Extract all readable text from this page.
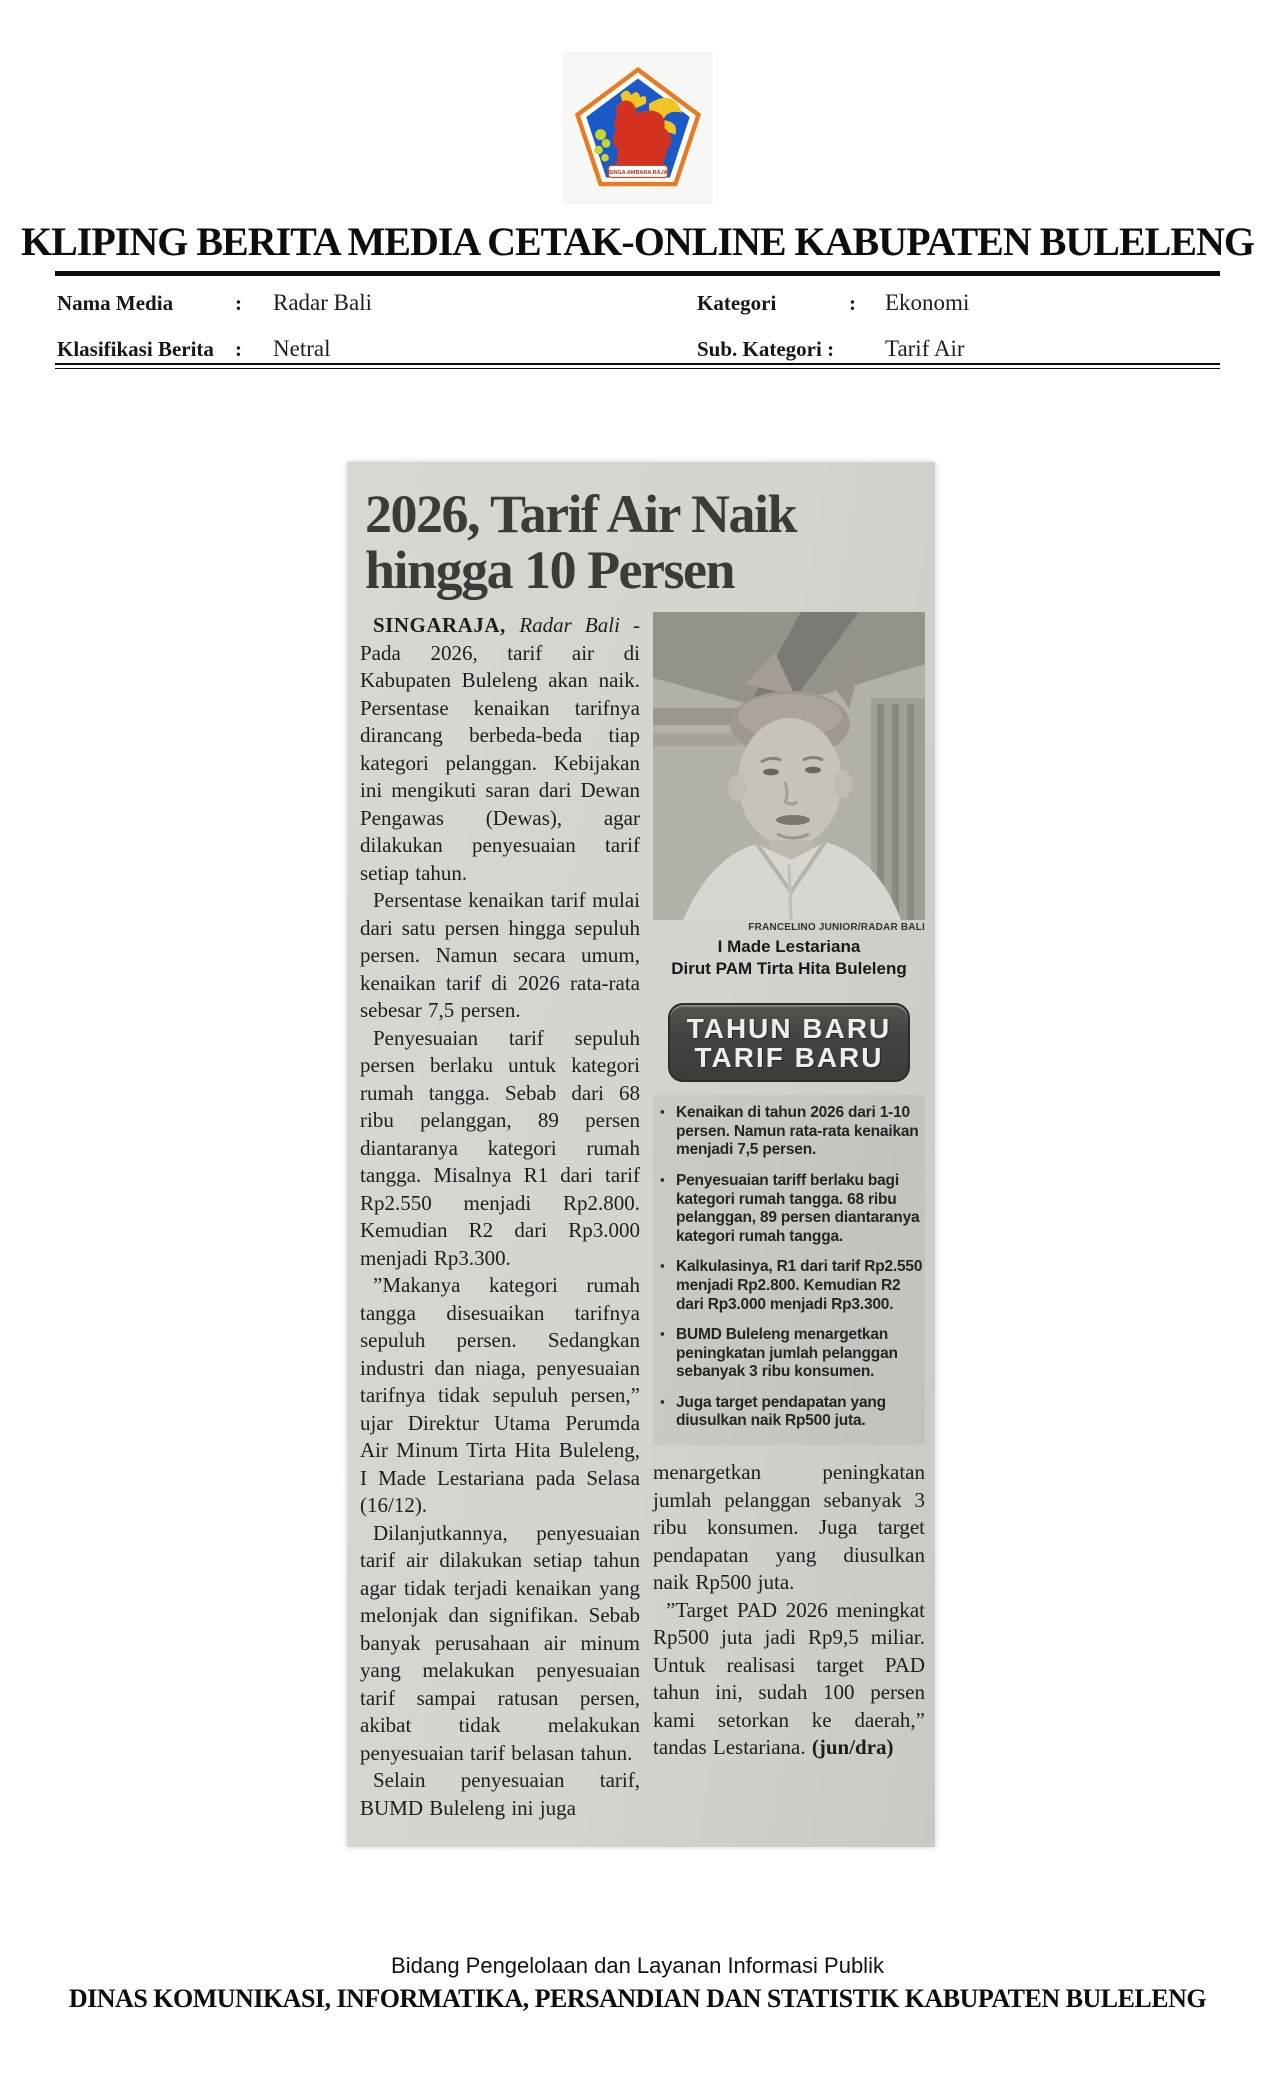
SINGA AMBARA RAJA
KLIPING BERITA MEDIA CETAK-ONLINE KABUPATEN BULELENG
Nama Media	:	Radar Bali	Kategori	:	Ekonomi
Klasifikasi Berita	:	Netral	Sub. Kategori :	Tarif Air
2026, Tarif Air Naik
hingga 10 Persen

SINGARAJA, Radar Bali - Pada 2026, tarif air di Kabupaten Buleleng akan naik. Persentase kenaikan tarifnya dirancang berbeda-beda tiap kategori pelanggan. Kebijakan ini mengikuti saran dari Dewan Pengawas (Dewas), agar dilakukan penyesuaian tarif setiap tahun.

Persentase kenaikan tarif mulai dari satu persen hingga sepuluh persen. Namun secara umum, kenaikan tarif di 2026 rata-rata sebesar 7,5 persen.

Penyesuaian tarif sepuluh persen berlaku untuk kategori rumah tangga. Sebab dari 68 ribu pelanggan, 89 persen diantaranya kategori rumah tangga. Misalnya R1 dari tarif Rp2.550 menjadi Rp2.800. Kemudian R2 dari Rp3.000 menjadi Rp3.300.

”Makanya kategori rumah tangga disesuaikan tarifnya sepuluh persen. Sedangkan industri dan niaga, penyesuaian tarifnya tidak sepuluh persen,” ujar Direktur Utama Perumda Air Minum Tirta Hita Buleleng, I Made Lestariana pada Selasa (16/12).

Dilanjutkannya, penyesuaian tarif air dilakukan setiap tahun agar tidak terjadi kenaikan yang melonjak dan signifikan. Sebab banyak perusahaan air minum yang melakukan penyesuaian tarif sampai ratusan persen, akibat tidak melakukan penyesuaian tarif belasan tahun.

Selain penyesuaian tarif, BUMD Buleleng ini juga

FRANCELINO JUNIOR/RADAR BALI
I Made Lestariana
Dirut PAM Tirta Hita Buleleng
TAHUN BARU
TARIF BARU
▪ Kenaikan di tahun 2026 dari 1-10 persen. Namun rata-rata kenaikan menjadi 7,5 persen.
▪ Penyesuaian tariff berlaku bagi kategori rumah tangga. 68 ribu pelanggan, 89 persen diantaranya kategori rumah tangga.
▪ Kalkulasinya, R1 dari tarif Rp2.550 menjadi Rp2.800. Kemudian R2 dari Rp3.000 menjadi Rp3.300.
▪ BUMD Buleleng menargetkan peningkatan jumlah pelanggan sebanyak 3 ribu konsumen.
▪ Juga target pendapatan yang diusulkan naik Rp500 juta.

menargetkan peningkatan jumlah pelanggan sebanyak 3 ribu konsumen. Juga target pendapatan yang diusulkan naik Rp500 juta.

”Target PAD 2026 meningkat Rp500 juta jadi Rp9,5 miliar. Untuk realisasi target PAD tahun ini, sudah 100 persen kami setorkan ke daerah,” tandas Lestariana. (jun/dra)

Bidang Pengelolaan dan Layanan Informasi Publik
DINAS KOMUNIKASI, INFORMATIKA, PERSANDIAN DAN STATISTIK KABUPATEN BULELENG
